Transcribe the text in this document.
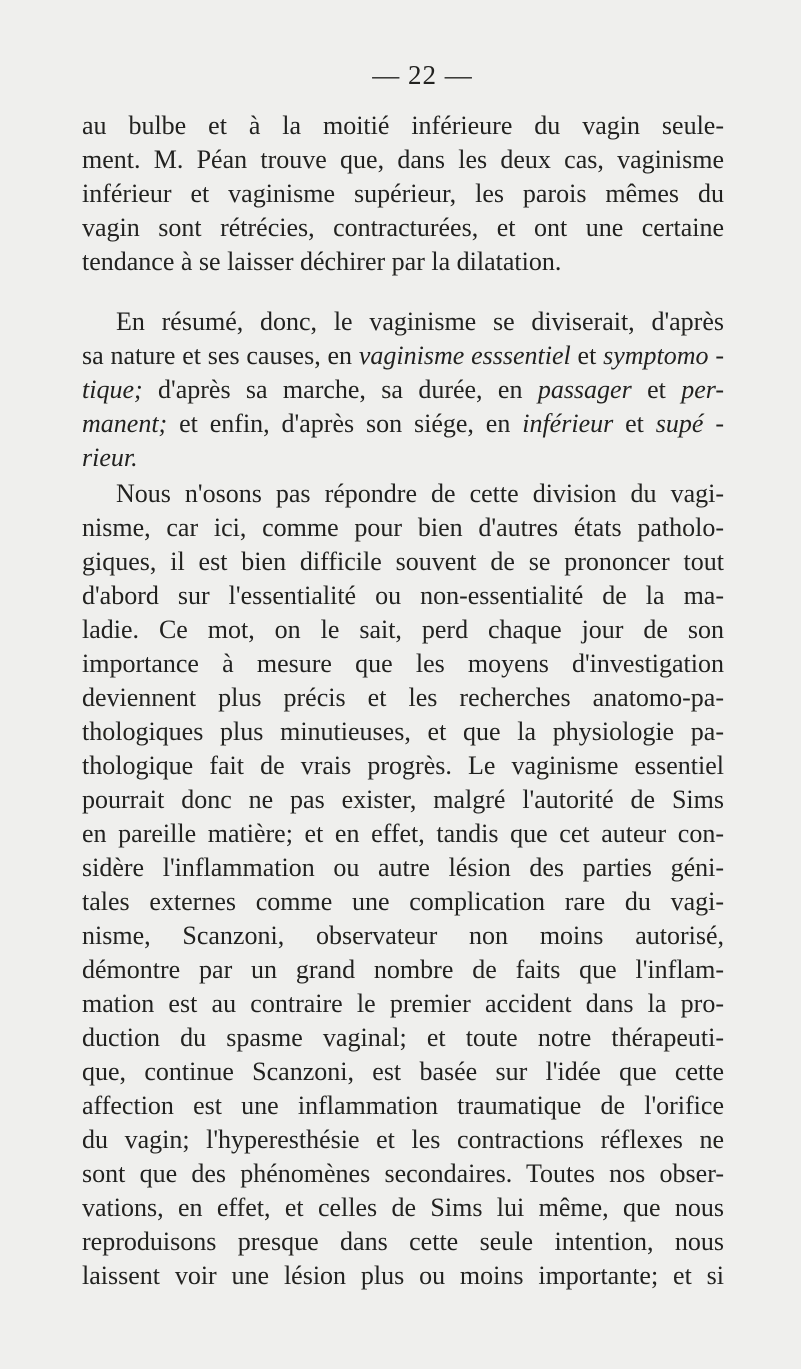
— 22 —
au bulbe et à la moitié inférieure du vagin seule-
ment. M. Péan trouve que, dans les deux cas, vaginisme
inférieur et vaginisme supérieur, les parois mêmes du
vagin sont rétrécies, contracturées, et ont une certaine
tendance à se laisser déchirer par la dilatation.
En résumé, donc, le vaginisme se diviserait, d'après
sa nature et ses causes, en vaginisme esssentiel et symptomo -
tique; d'après sa marche, sa durée, en passager et per-
manent; et enfin, d'après son siége, en inférieur et supé -
rieur.
Nous n'osons pas répondre de cette division du vagi-
nisme, car ici, comme pour bien d'autres états patholo-
giques, il est bien difficile souvent de se prononcer tout
d'abord sur l'essentialité ou non-essentialité de la ma-
ladie. Ce mot, on le sait, perd chaque jour de son
importance à mesure que les moyens d'investigation
deviennent plus précis et les recherches anatomo-pa-
thologiques plus minutieuses, et que la physiologie pa-
thologique fait de vrais progrès. Le vaginisme essentiel
pourrait donc ne pas exister, malgré l'autorité de Sims
en pareille matière; et en effet, tandis que cet auteur con-
sidère l'inflammation ou autre lésion des parties géni-
tales externes comme une complication rare du vagi-
nisme, Scanzoni, observateur non moins autorisé,
démontre par un grand nombre de faits que l'inflam-
mation est au contraire le premier accident dans la pro-
duction du spasme vaginal; et toute notre thérapeuti-
que, continue Scanzoni, est basée sur l'idée que cette
affection est une inflammation traumatique de l'orifice
du vagin; l'hyperesthésie et les contractions réflexes ne
sont que des phénomènes secondaires. Toutes nos obser-
vations, en effet, et celles de Sims lui même, que nous
reproduisons presque dans cette seule intention, nous
laissent voir une lésion plus ou moins importante; et si
